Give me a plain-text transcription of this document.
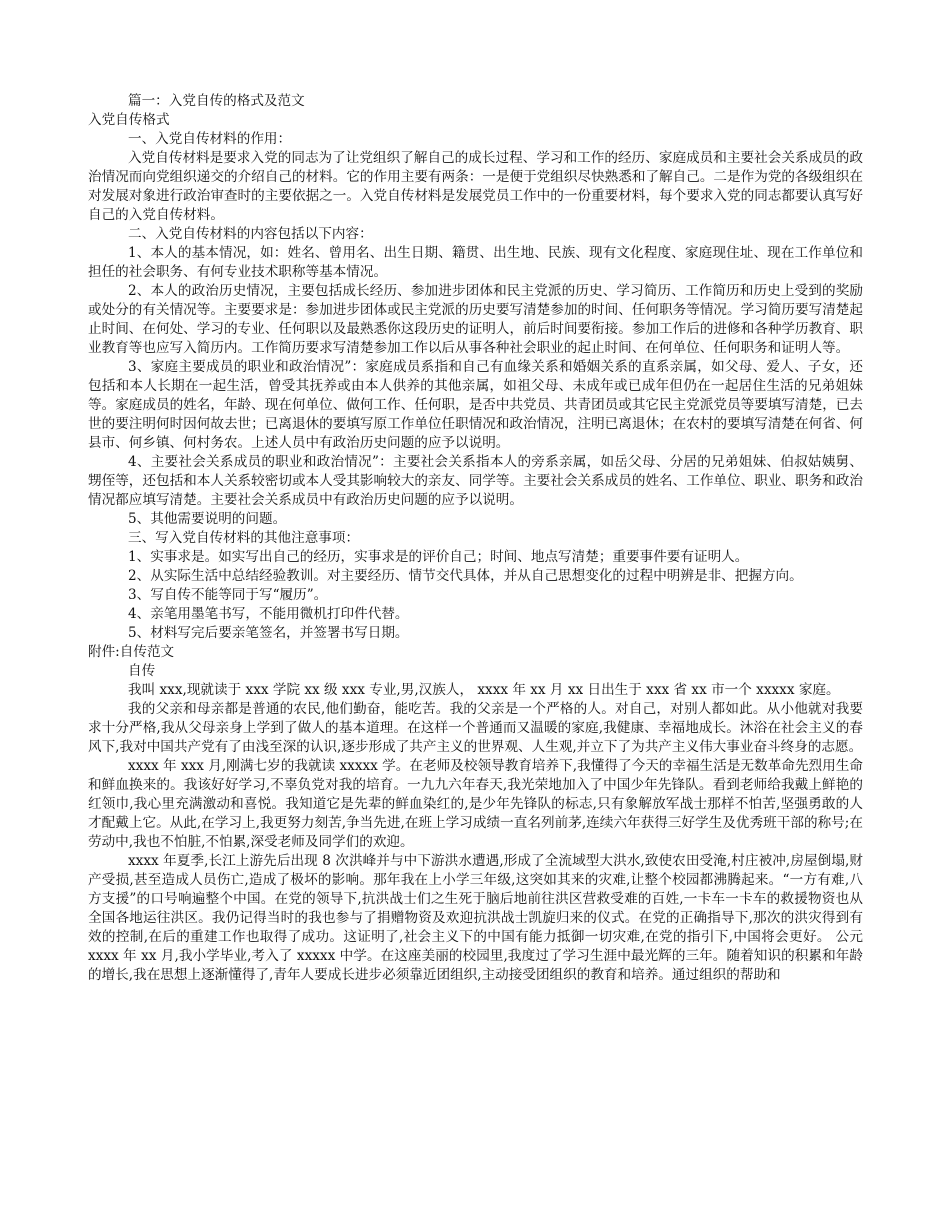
篇一：入党自传的格式及范文

入党自传格式

一、入党自传材料的作用：

入党自传材料是要求入党的同志为了让党组织了解自己的成长过程、学习和工作的经历、家庭成员和主要社会关系成员的政治情况而向党组织递交的介绍自己的材料。它的作用主要有两条：一是便于党组织尽快熟悉和了解自己。二是作为党的各级组织在对发展对象进行政治审查时的主要依据之一。入党自传材料是发展党员工作中的一份重要材料，每个要求入党的同志都要认真写好自己的入党自传材料。

二、入党自传材料的内容包括以下内容：

1、本人的基本情况，如：姓名、曾用名、出生日期、籍贯、出生地、民族、现有文化程度、家庭现住址、现在工作单位和担任的社会职务、有何专业技术职称等基本情况。

2、本人的政治历史情况，主要包括成长经历、参加进步团体和民主党派的历史、学习简历、工作简历和历史上受到的奖励或处分的有关情况等。主要要求是：参加进步团体或民主党派的历史要写清楚参加的时间、任何职务等情况。学习简历要写清楚起止时间、在何处、学习的专业、任何职以及最熟悉你这段历史的证明人，前后时间要衔接。参加工作后的进修和各种学历教育、职业教育等也应写入简历内。工作简历要求写清楚参加工作以后从事各种社会职业的起止时间、在何单位、任何职务和证明人等。

3、家庭主要成员的职业和政治情况”：家庭成员系指和自己有血缘关系和婚姻关系的直系亲属，如父母、爱人、子女，还包括和本人长期在一起生活，曾受其抚养或由本人供养的其他亲属，如祖父母、未成年或已成年但仍在一起居住生活的兄弟姐妹等。家庭成员的姓名，年龄、现在何单位、做何工作、任何职，是否中共党员、共青团员或其它民主党派党员等要填写清楚，已去世的要注明何时因何故去世；已离退休的要填写原工作单位任职情况和政治情况，注明已离退休；在农村的要填写清楚在何省、何县市、何乡镇、何村务农。上述人员中有政治历史问题的应予以说明。

4、主要社会关系成员的职业和政治情况”：主要社会关系指本人的旁系亲属，如岳父母、分居的兄弟姐妹、伯叔姑姨舅、甥侄等，还包括和本人关系较密切或本人受其影响较大的亲友、同学等。主要社会关系成员的姓名、工作单位、职业、职务和政治情况都应填写清楚。主要社会关系成员中有政治历史问题的应予以说明。

5、其他需要说明的问题。

三、写入党自传材料的其他注意事项：

1、实事求是。如实写出自己的经历，实事求是的评价自己；时间、地点写清楚；重要事件要有证明人。

2、从实际生活中总结经验教训。对主要经历、情节交代具体，并从自己思想变化的过程中明辨是非、把握方向。

3、写自传不能等同于写“履历”。

4、亲笔用墨笔书写，不能用微机打印件代替。

5、材料写完后要亲笔签名，并签署书写日期。

附件:自传范文

自传

我叫 xxx,现就读于 xxx 学院 xx 级 xxx 专业,男,汉族人， xxxx 年 xx 月 xx 日出生于 xxx 省 xx 市一个 xxxxx 家庭。

我的父亲和母亲都是普通的农民,他们勤奋，能吃苦。我的父亲是一个严格的人。对自己，对别人都如此。从小他就对我要求十分严格,我从父母亲身上学到了做人的基本道理。在这样一个普通而又温暖的家庭,我健康、幸福地成长。沐浴在社会主义的春风下,我对中国共产党有了由浅至深的认识,逐步形成了共产主义的世界观、人生观,并立下了为共产主义伟大事业奋斗终身的志愿。

xxxx 年 xxx 月,刚满七岁的我就读 xxxxx 学。在老师及校领导教育培养下,我懂得了今天的幸福生活是无数革命先烈用生命和鲜血换来的。我该好好学习,不辜负党对我的培育。一九九六年春天,我光荣地加入了中国少年先锋队。看到老师给我戴上鲜艳的红领巾,我心里充满激动和喜悦。我知道它是先辈的鲜血染红的,是少年先锋队的标志,只有象解放军战士那样不怕苦,坚强勇敢的人才配戴上它。从此,在学习上,我更努力刻苦,争当先进,在班上学习成绩一直名列前茅,连续六年获得三好学生及优秀班干部的称号;在劳动中,我也不怕脏,不怕累,深受老师及同学们的欢迎。

xxxx 年夏季,长江上游先后出现 8 次洪峰并与中下游洪水遭遇,形成了全流域型大洪水,致使农田受淹,村庄被冲,房屋倒塌,财产受损,甚至造成人员伤亡,造成了极坏的影响。那年我在上小学三年级,这突如其来的灾难,让整个校园都沸腾起来。“一方有难,八方支援”的口号响遍整个中国。在党的领导下,抗洪战士们之生死于脑后地前往洪区营救受难的百姓,一卡车一卡车的救援物资也从全国各地运往洪区。我仍记得当时的我也参与了捐赠物资及欢迎抗洪战士凯旋归来的仪式。在党的正确指导下,那次的洪灾得到有效的控制,在后的重建工作也取得了成功。这证明了,社会主义下的中国有能力抵御一切灾难,在党的指引下,中国将会更好。 公元 xxxx 年 xx 月,我小学毕业,考入了 xxxxx 中学。在这座美丽的校园里,我度过了学习生涯中最光辉的三年。随着知识的积累和年龄的增长,我在思想上逐渐懂得了,青年人要成长进步必须靠近团组织,主动接受团组织的教育和培养。通过组织的帮助和
